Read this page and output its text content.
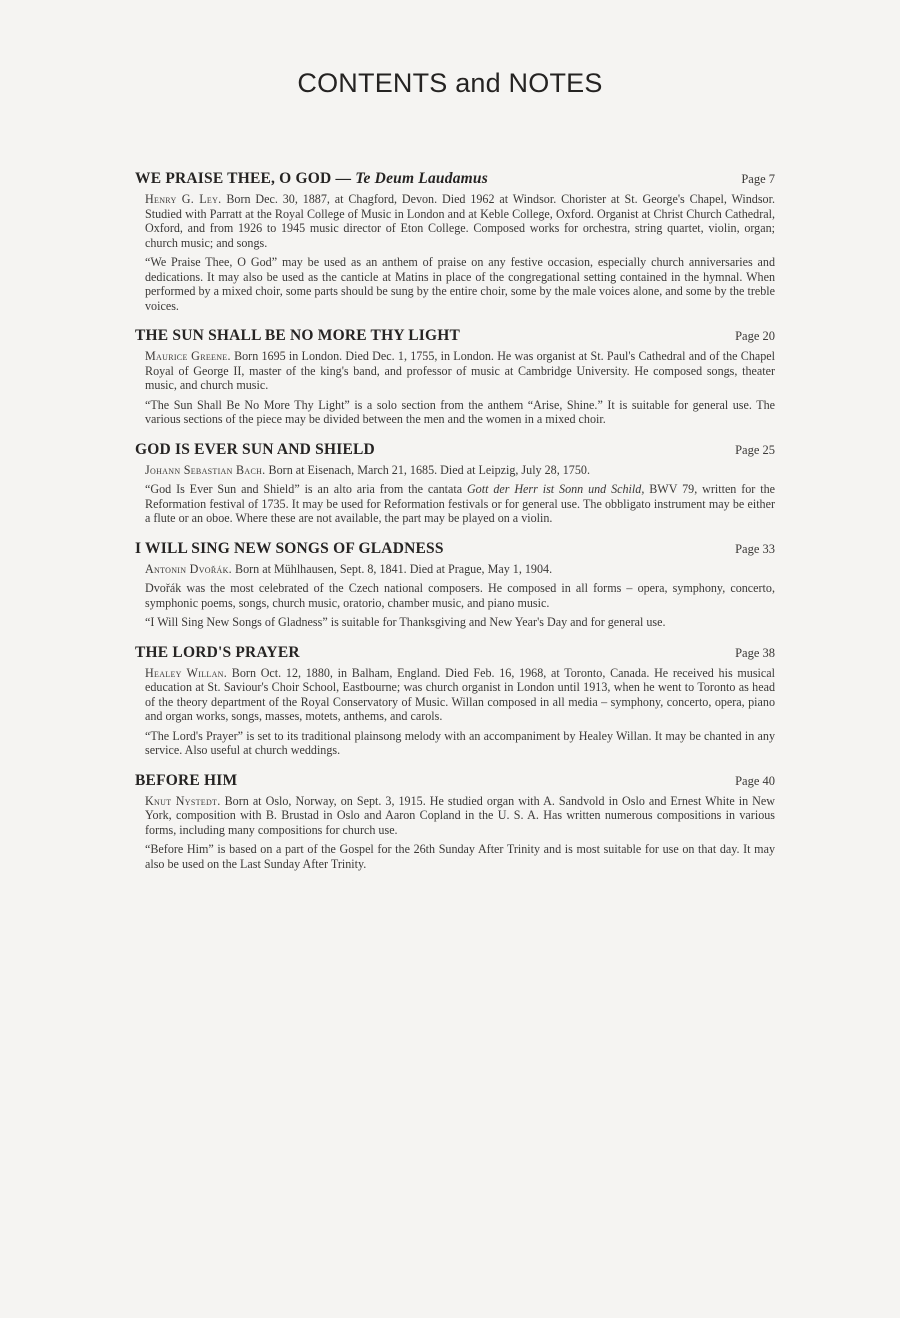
CONTENTS and NOTES
WE PRAISE THEE, O GOD — Te Deum Laudamus	Page 7

Henry G. Ley. Born Dec. 30, 1887, at Chagford, Devon. Died 1962 at Windsor. Chorister at St. George's Chapel, Windsor. Studied with Parratt at the Royal College of Music in London and at Keble College, Oxford. Organist at Christ Church Cathedral, Oxford, and from 1926 to 1945 music director of Eton College. Composed works for orchestra, string quartet, violin, organ; church music; and songs.

“We Praise Thee, O God” may be used as an anthem of praise on any festive occasion, especially church anniversaries and dedications. It may also be used as the canticle at Matins in place of the congregational setting contained in the hymnal. When performed by a mixed choir, some parts should be sung by the entire choir, some by the male voices alone, and some by the treble voices.

THE SUN SHALL BE NO MORE THY LIGHT	Page 20

Maurice Greene. Born 1695 in London. Died Dec. 1, 1755, in London. He was organist at St. Paul's Cathedral and of the Chapel Royal of George II, master of the king's band, and professor of music at Cambridge University. He composed songs, theater music, and church music.

“The Sun Shall Be No More Thy Light” is a solo section from the anthem “Arise, Shine.” It is suitable for general use. The various sections of the piece may be divided between the men and the women in a mixed choir.

GOD IS EVER SUN AND SHIELD	Page 25

Johann Sebastian Bach. Born at Eisenach, March 21, 1685. Died at Leipzig, July 28, 1750.

“God Is Ever Sun and Shield” is an alto aria from the cantata Gott der Herr ist Sonn und Schild, BWV 79, written for the Reformation festival of 1735. It may be used for Reformation festivals or for general use. The obbligato instrument may be either a flute or an oboe. Where these are not available, the part may be played on a violin.

I WILL SING NEW SONGS OF GLADNESS	Page 33

Antonin Dvořák. Born at Mühlhausen, Sept. 8, 1841. Died at Prague, May 1, 1904.

Dvořák was the most celebrated of the Czech national composers. He composed in all forms – opera, symphony, concerto, symphonic poems, songs, church music, oratorio, chamber music, and piano music.

“I Will Sing New Songs of Gladness” is suitable for Thanksgiving and New Year's Day and for general use.

THE LORD'S PRAYER	Page 38

Healey Willan. Born Oct. 12, 1880, in Balham, England. Died Feb. 16, 1968, at Toronto, Canada. He received his musical education at St. Saviour's Choir School, Eastbourne; was church organist in London until 1913, when he went to Toronto as head of the theory department of the Royal Conservatory of Music. Willan composed in all media – symphony, concerto, opera, piano and organ works, songs, masses, motets, anthems, and carols.

“The Lord's Prayer” is set to its traditional plainsong melody with an accompaniment by Healey Willan. It may be chanted in any service. Also useful at church weddings.

BEFORE HIM	Page 40

Knut Nystedt. Born at Oslo, Norway, on Sept. 3, 1915. He studied organ with A. Sandvold in Oslo and Ernest White in New York, composition with B. Brustad in Oslo and Aaron Copland in the U. S. A. Has written numerous compositions in various forms, including many compositions for church use.

“Before Him” is based on a part of the Gospel for the 26th Sunday After Trinity and is most suitable for use on that day. It may also be used on the Last Sunday After Trinity.
